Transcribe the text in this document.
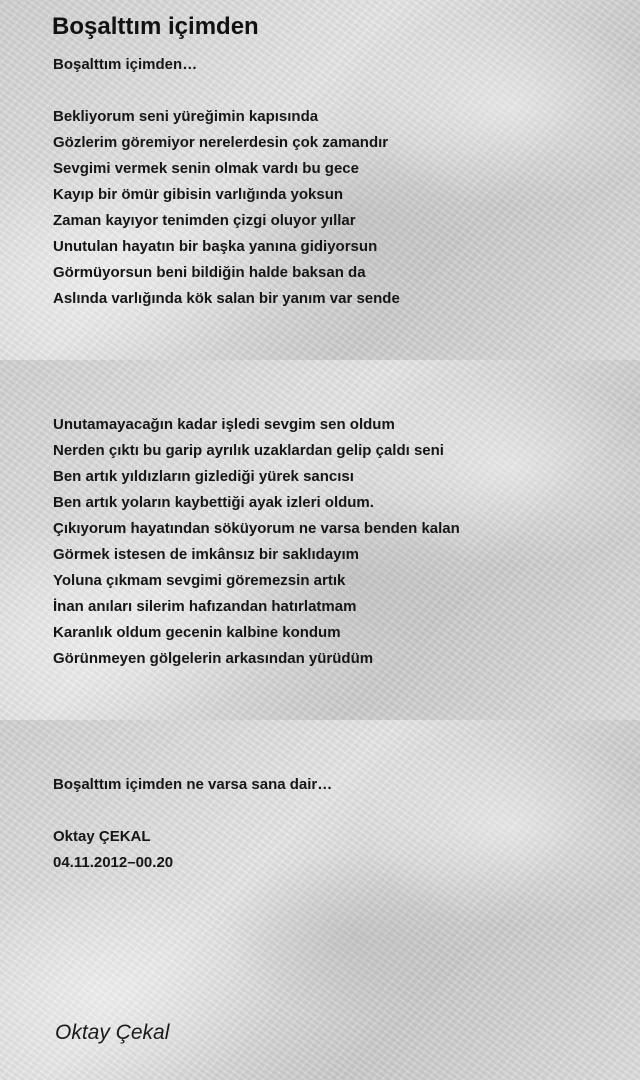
Boşalttım içimden

Boşalttım içimden…

Bekliyorum seni yüreğimin kapısında

Gözlerim göremiyor nerelerdesin çok zamandır

Sevgimi vermek senin olmak vardı bu gece

Kayıp bir ömür gibisin varlığında yoksun

Zaman kayıyor tenimden çizgi oluyor yıllar

Unutulan hayatın bir başka yanına gidiyorsun

Görmüyorsun beni bildiğin halde baksan da

Aslında varlığında kök salan bir yanım var sende

Unutamayacağın kadar işledi sevgim sen oldum

Nerden çıktı bu garip ayrılık uzaklardan gelip çaldı seni

Ben artık yıldızların gizlediği yürek sancısı

Ben artık yoların kaybettiği ayak izleri oldum.

Çıkıyorum hayatından söküyorum ne varsa benden kalan

Görmek istesen de imkânsız bir saklıdayım

Yoluna çıkmam sevgimi göremezsin artık

İnan anıları silerim hafızandan hatırlatmam

Karanlık oldum gecenin kalbine kondum

Görünmeyen gölgelerin arkasından yürüdüm

Boşalttım içimden ne varsa sana dair…

Oktay ÇEKAL

04.11.2012–00.20

Oktay Çekal
